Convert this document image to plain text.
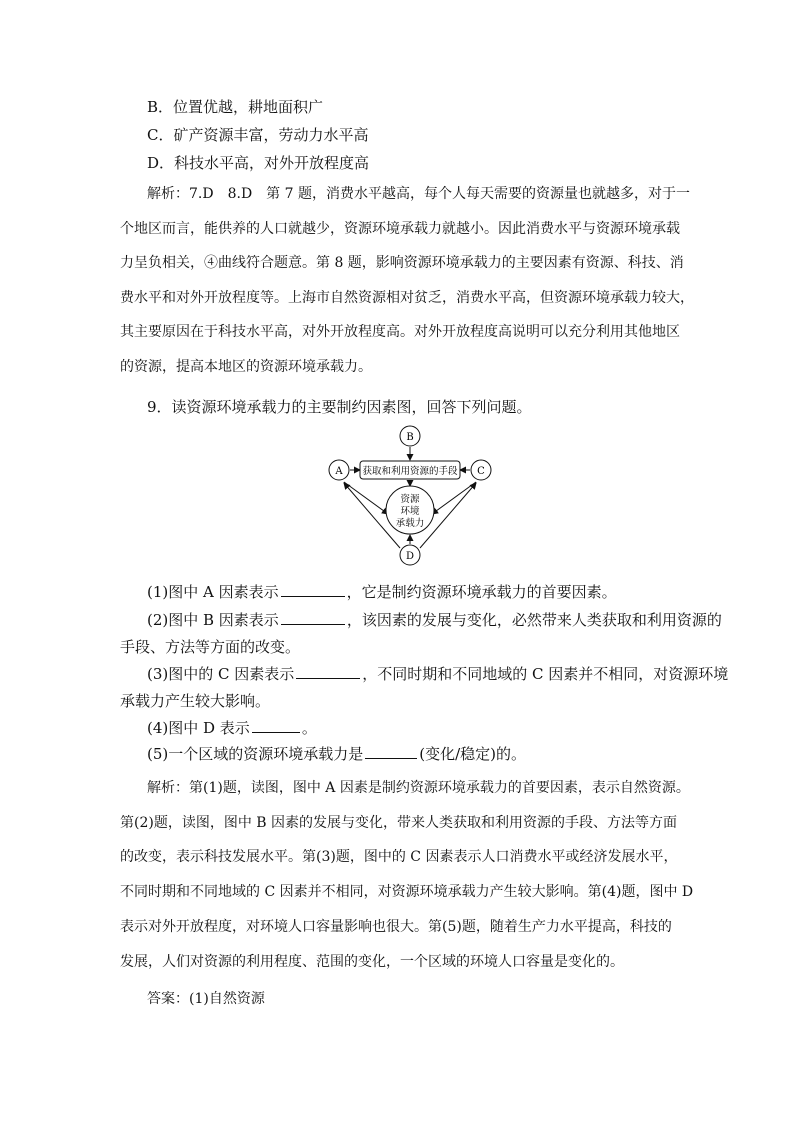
B．位置优越，耕地面积广
C．矿产资源丰富，劳动力水平高
D．科技水平高，对外开放程度高
解析：7.D　8.D　第 7 题，消费水平越高，每个人每天需要的资源量也就越多，对于一
个地区而言，能供养的人口就越少，资源环境承载力就越小。因此消费水平与资源环境承载
力呈负相关，④曲线符合题意。第 8 题，影响资源环境承载力的主要因素有资源、科技、消
费水平和对外开放程度等。上海市自然资源相对贫乏，消费水平高，但资源环境承载力较大，
其主要原因在于科技水平高，对外开放程度高。对外开放程度高说明可以充分利用其他地区
的资源，提高本地区的资源环境承载力。
9．读资源环境承载力的主要制约因素图，回答下列问题。
B
A	C
获取和利用资源的手段
资源
环境
承载力
D
(1)图中 A 因素表示	，它是制约资源环境承载力的首要因素。
(2)图中 B 因素表示	，该因素的发展与变化，必然带来人类获取和利用资源的
手段、方法等方面的改变。
(3)图中的 C 因素表示	，不同时期和不同地域的 C 因素并不相同，对资源环境
承载力产生较大影响。
(4)图中 D 表示	。
(5)一个区域的资源环境承载力是	(变化/稳定)的。
解析：第(1)题，读图，图中 A 因素是制约资源环境承载力的首要因素，表示自然资源。
第(2)题，读图，图中 B 因素的发展与变化，带来人类获取和利用资源的手段、方法等方面
的改变，表示科技发展水平。第(3)题，图中的 C 因素表示人口消费水平或经济发展水平，
不同时期和不同地域的 C 因素并不相同，对资源环境承载力产生较大影响。第(4)题，图中 D
表示对外开放程度，对环境人口容量影响也很大。第(5)题，随着生产力水平提高，科技的
发展，人们对资源的利用程度、范围的变化，一个区域的环境人口容量是变化的。
答案：(1)自然资源
